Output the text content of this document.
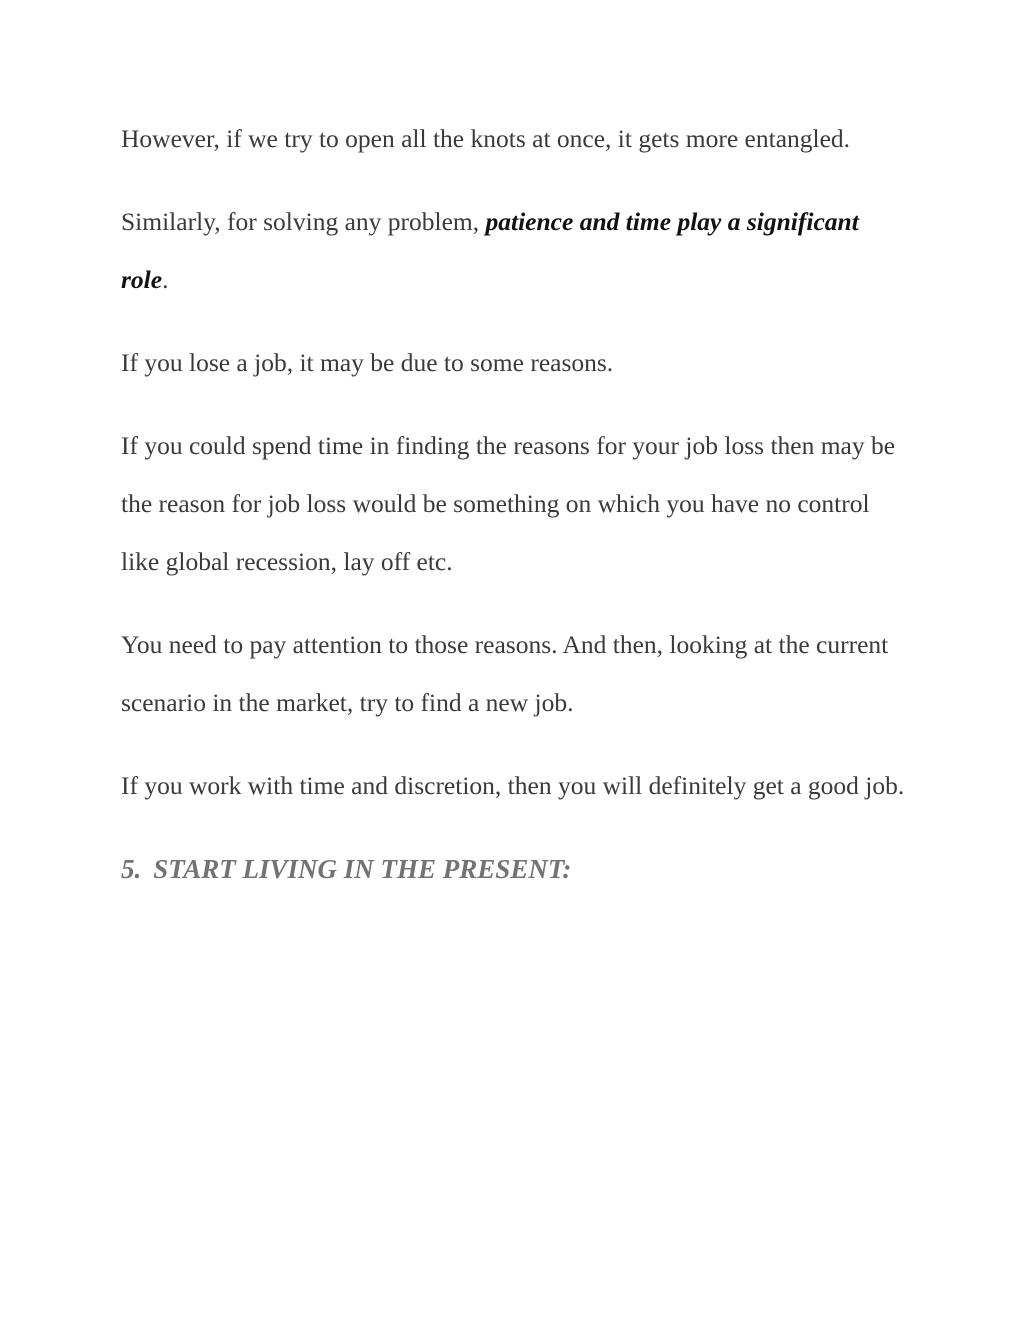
However, if we try to open all the knots at once, it gets more entangled.

Similarly, for solving any problem, patience and time play a significant role.

If you lose a job, it may be due to some reasons.

If you could spend time in finding the reasons for your job loss then may be the reason for job loss would be something on which you have no control like global recession, lay off etc.

You need to pay attention to those reasons. And then, looking at the current scenario in the market, try to find a new job.

If you work with time and discretion, then you will definitely get a good job.

5. START LIVING IN THE PRESENT:
